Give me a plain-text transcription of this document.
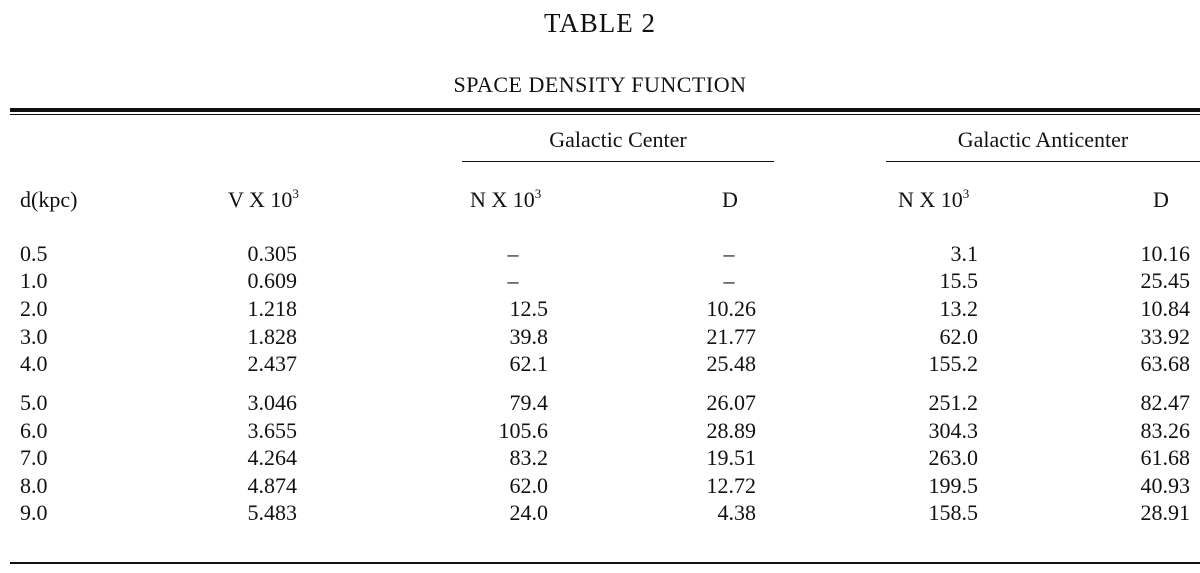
TABLE 2
SPACE DENSITY FUNCTION
Galactic Center	Galactic Anticenter
d(kpc)	V X $10^3$	N X $10^3$	D	N X $10^3$	D
0.5	0.305	–	–	3.1	10.16
1.0	0.609	–	–	15.5	25.45
2.0	1.218	12.5	10.26	13.2	10.84
3.0	1.828	39.8	21.77	62.0	33.92
4.0	2.437	62.1	25.48	155.2	63.68
5.0	3.046	79.4	26.07	251.2	82.47
6.0	3.655	105.6	28.89	304.3	83.26
7.0	4.264	83.2	19.51	263.0	61.68
8.0	4.874	62.0	12.72	199.5	40.93
9.0	5.483	24.0	4.38	158.5	28.91
